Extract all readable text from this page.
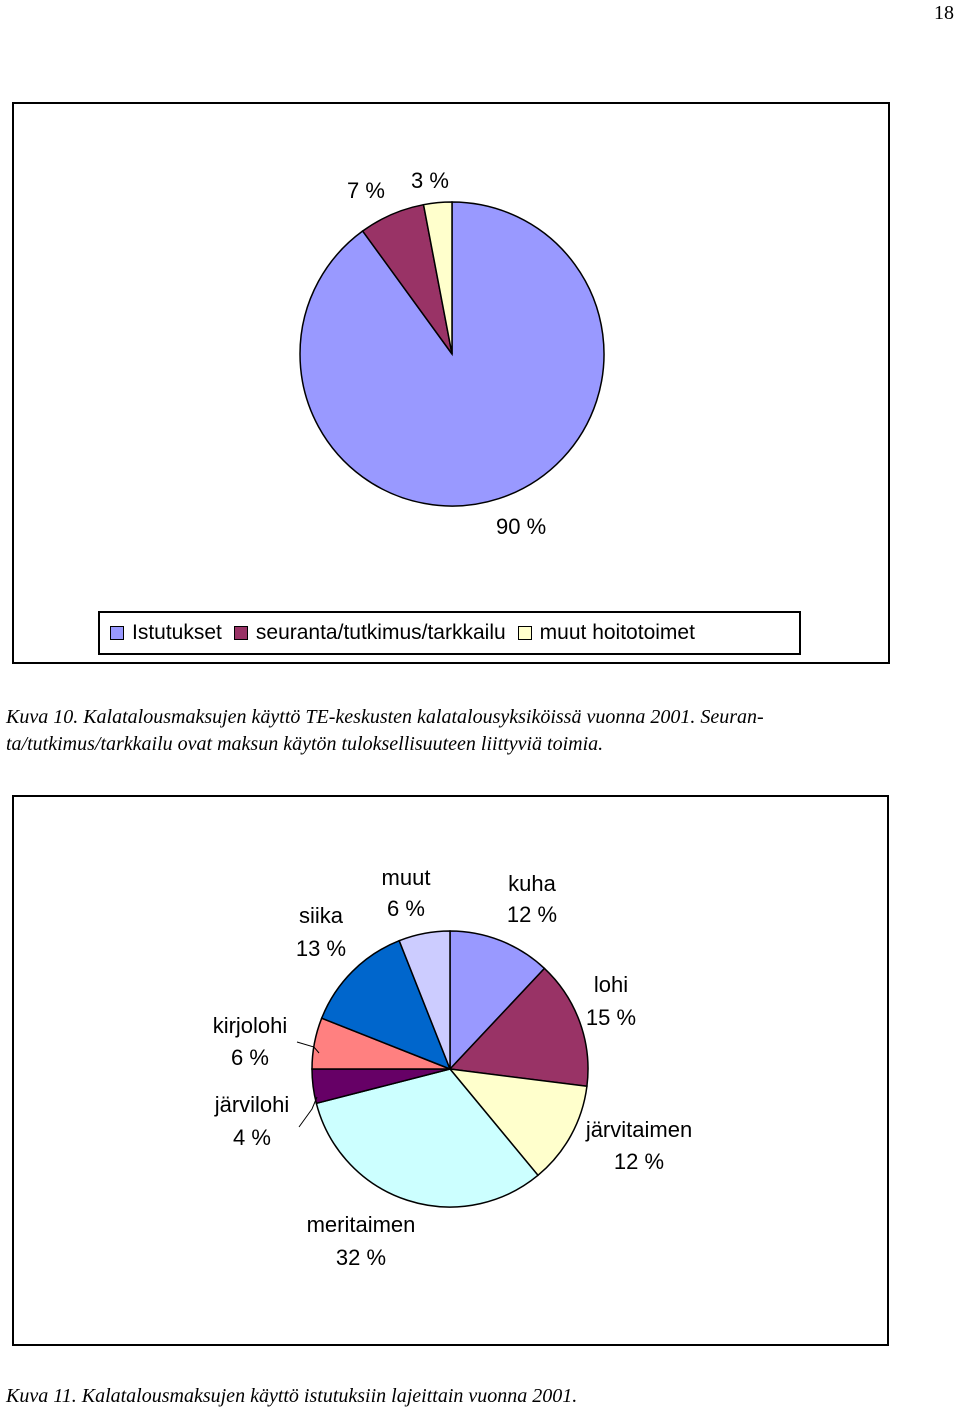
18
7 % 3 %
90 %
Istutukset seuranta/tutkimus/tarkkailu muut hoitotoimet
Kuva 10. Kalatalousmaksujen käyttö TE-keskusten kalatalousyksiköissä vuonna 2001. Seuran-
ta/tutkimus/tarkkailu ovat maksun käytön tuloksellisuuteen liittyviä toimia.
muut
6 %
kuha
12 %
siika
13 %
lohi
15 %
kirjolohi
6 %
järvilohi
4 %	järvitaimen
12 %
meritaimen
32 %
Kuva 11. Kalatalousmaksujen käyttö istutuksiin lajeittain vuonna 2001.
